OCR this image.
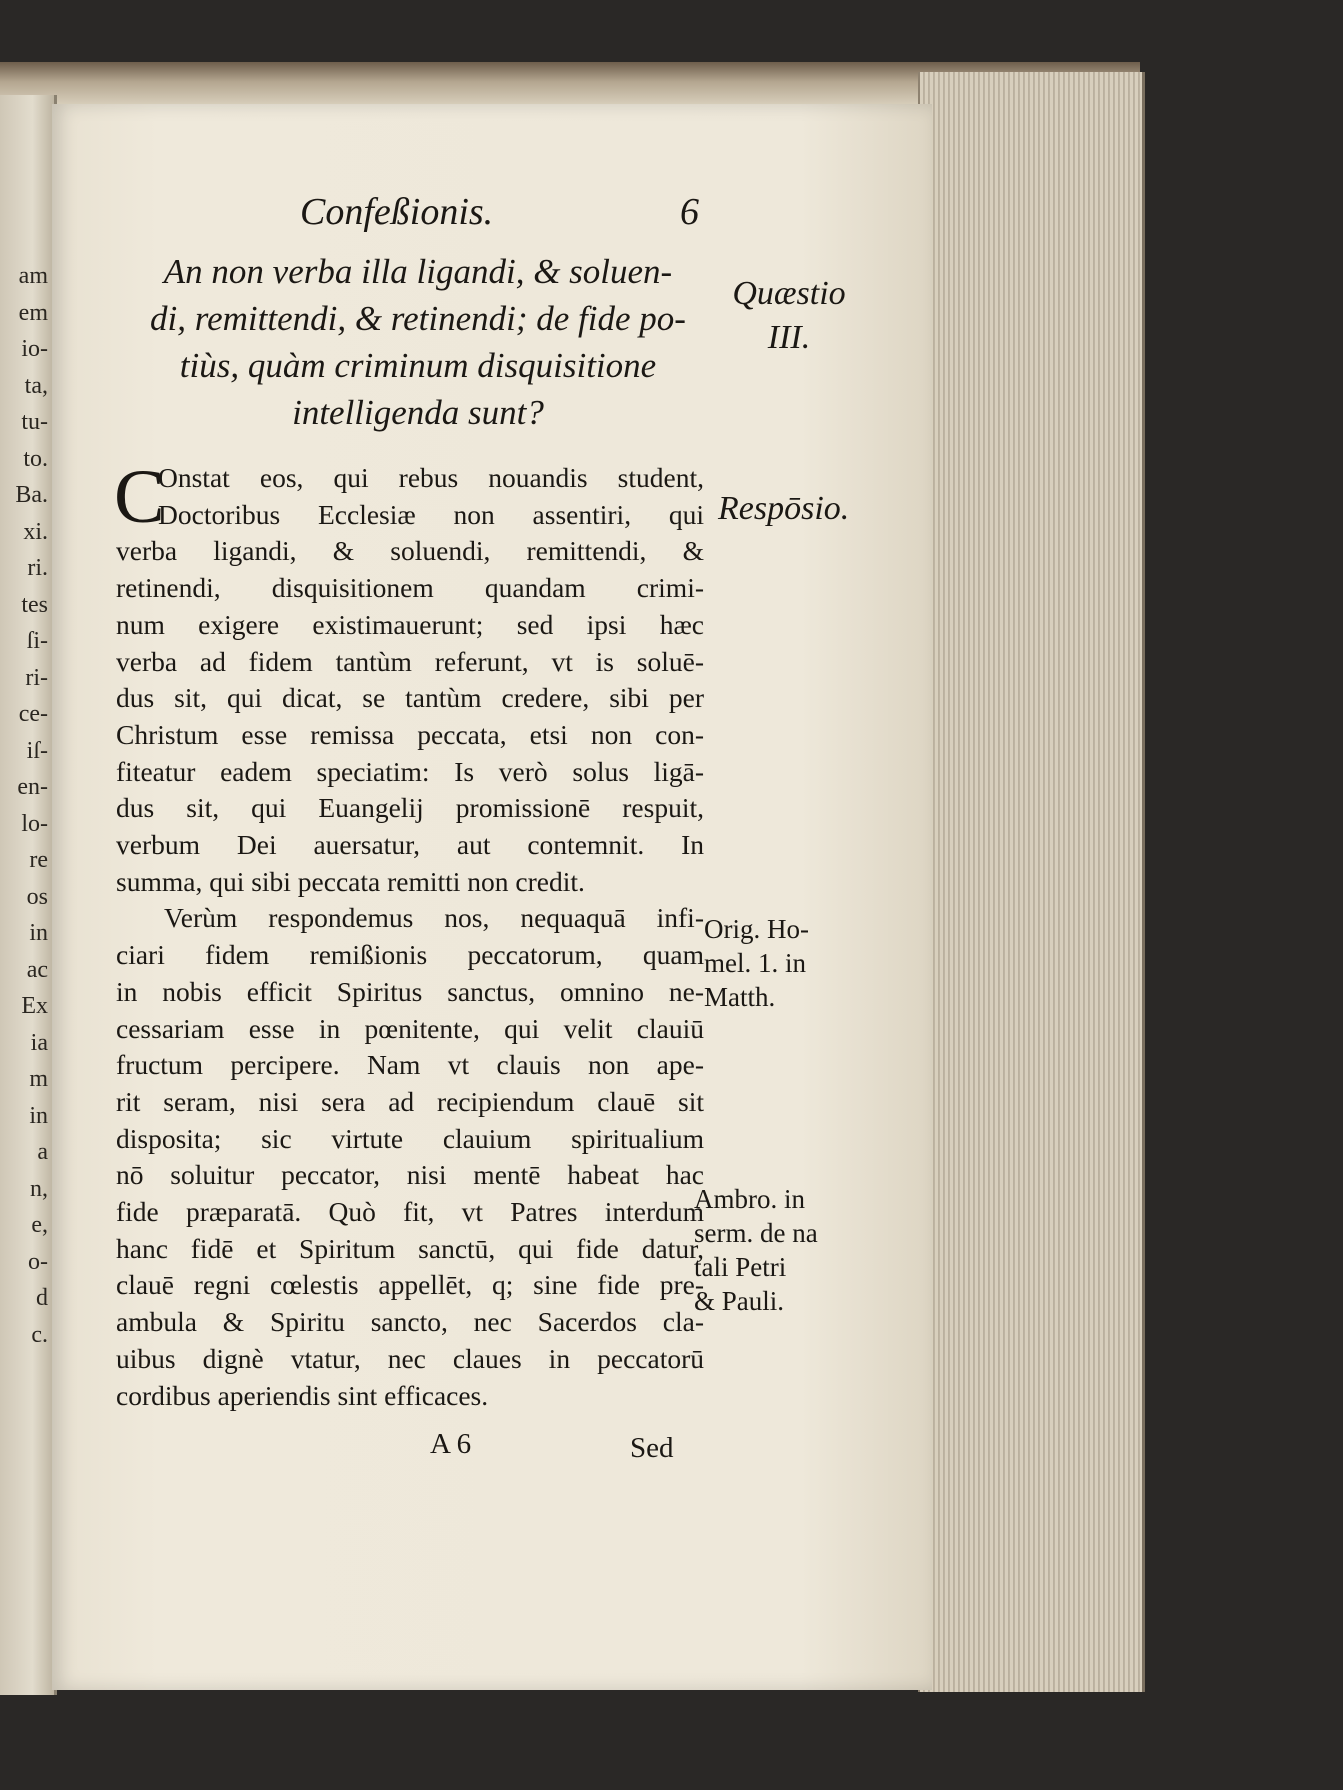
am
em
io-
ta,
tu-
to.
Ba.
xi.
ri.
tes
ſi-
ri-
ce-
iſ-
en-
lo-
re
os
in
ac
Ex
ia
m
in
a
n,
e,
o-
d
c.
Confeßionis.	6
An non verba illa ligandi, & soluen-
di, remittendi, & retinendi; de fide po-
tiùs, quàm criminum disquisitione
intelligenda sunt?
C
Onstat eos, qui rebus nouandis student,
Doctoribus Ecclesiæ non assentiri, qui
verba ligandi, & soluendi, remittendi, &
retinendi, disquisitionem quandam crimi-
num exigere existimauerunt; sed ipsi hæc
verba ad fidem tantùm referunt, vt is soluē-
dus sit, qui dicat, se tantùm credere, sibi per
Christum esse remissa peccata, etsi non con-
fiteatur eadem speciatim: Is verò solus ligā-
dus sit, qui Euangelij promissionē respuit,
verbum Dei auersatur, aut contemnit. In
summa, qui sibi peccata remitti non credit.
Verùm respondemus nos, nequaquā infi-
ciari fidem remißionis peccatorum, quam
in nobis efficit Spiritus sanctus, omnino ne-
cessariam esse in pœnitente, qui velit clauiū
fructum percipere. Nam vt clauis non ape-
rit seram, nisi sera ad recipiendum clauē sit
disposita; sic virtute clauium spiritualium
nō soluitur peccator, nisi mentē habeat hac
fide præparatā. Quò fit, vt Patres interdum
hanc fidē et Spiritum sanctū, qui fide datur,
clauē regni cœlestis appellēt, q; sine fide pre-
ambula & Spiritu sancto, nec Sacerdos cla-
uibus dignè vtatur, nec claues in peccatorū
cordibus aperiendis sint efficaces.
Quæstio
III.
Respōsio.
Orig. Ho-
mel. 1. in
Matth.
Ambro. in
serm. de na
tali Petri
& Pauli.
A 6	Sed
